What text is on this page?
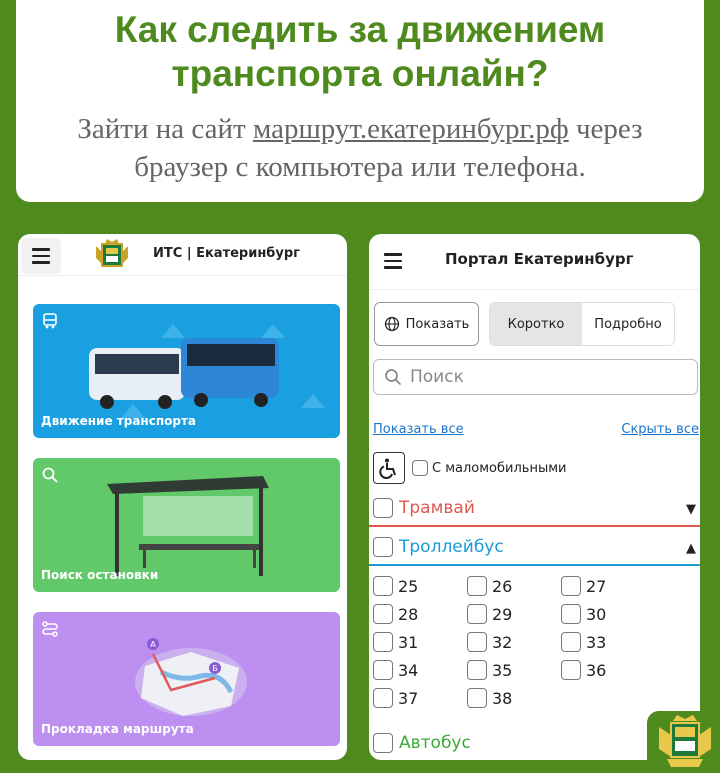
Как следить за движением
транспорта онлайн?
Зайти на сайт маршрут.екатеринбург.рф через
браузер с компьютера или телефона.
ИТС | Екатеринбург
Движение транспорта
Поиск остановки
А
Б
Прокладка маршрута
Портал Екатеринбург
Показать	Коротко	Подробно
Поиск
Показать все	Скрыть все
С маломобильными
Трамвай	▼
Троллейбус	▲
25	26	27
28	29	30
31	32	33
34	35	36
37	38
Автобус
